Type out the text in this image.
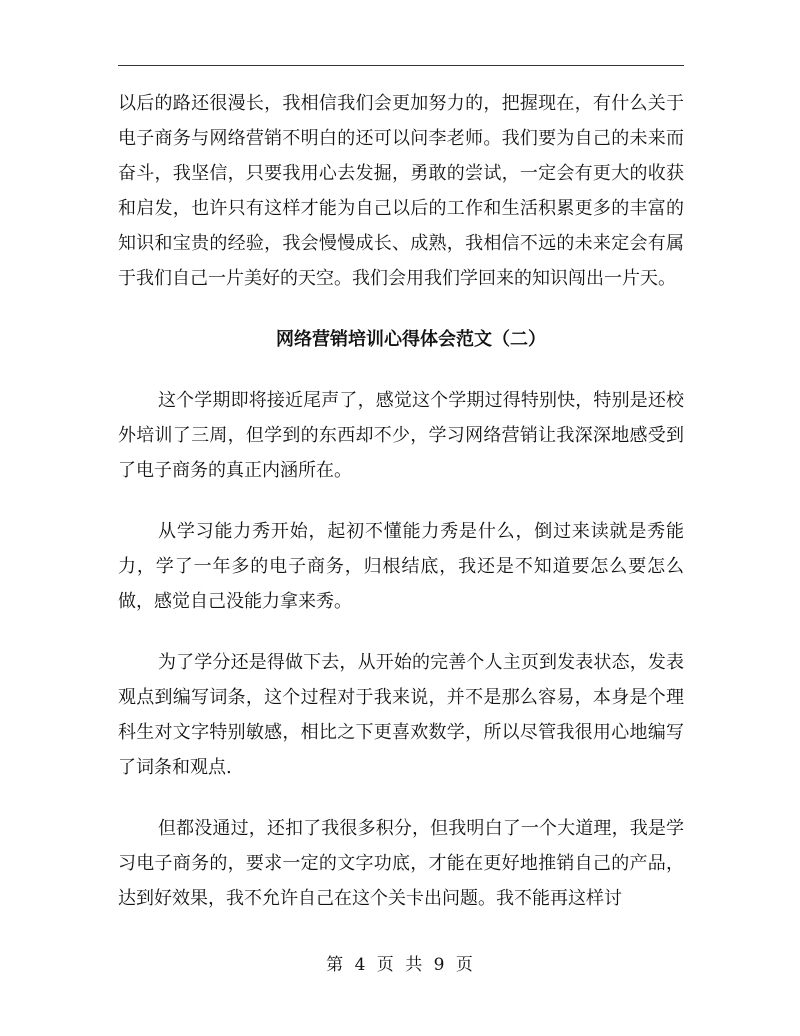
以后的路还很漫长，我相信我们会更加努力的，把握现在，有什么关于电子商务与网络营销不明白的还可以问李老师。我们要为自己的未来而奋斗，我坚信，只要我用心去发掘，勇敢的尝试，一定会有更大的收获和启发，也许只有这样才能为自己以后的工作和生活积累更多的丰富的知识和宝贵的经验，我会慢慢成长、成熟，我相信不远的未来定会有属于我们自己一片美好的天空。我们会用我们学回来的知识闯出一片天。

网络营销培训心得体会范文（二）

这个学期即将接近尾声了，感觉这个学期过得特别快，特别是还校外培训了三周，但学到的东西却不少，学习网络营销让我深深地感受到了电子商务的真正内涵所在。

从学习能力秀开始，起初不懂能力秀是什么，倒过来读就是秀能力，学了一年多的电子商务，归根结底，我还是不知道要怎么要怎么做，感觉自己没能力拿来秀。

为了学分还是得做下去，从开始的完善个人主页到发表状态，发表观点到编写词条，这个过程对于我来说，并不是那么容易，本身是个理科生对文字特别敏感，相比之下更喜欢数学，所以尽管我很用心地编写了词条和观点.

但都没通过，还扣了我很多积分，但我明白了一个大道理，我是学习电子商务的，要求一定的文字功底，才能在更好地推销自己的产品，达到好效果，我不允许自己在这个关卡出问题。我不能再这样讨

第 4 页 共 9 页
